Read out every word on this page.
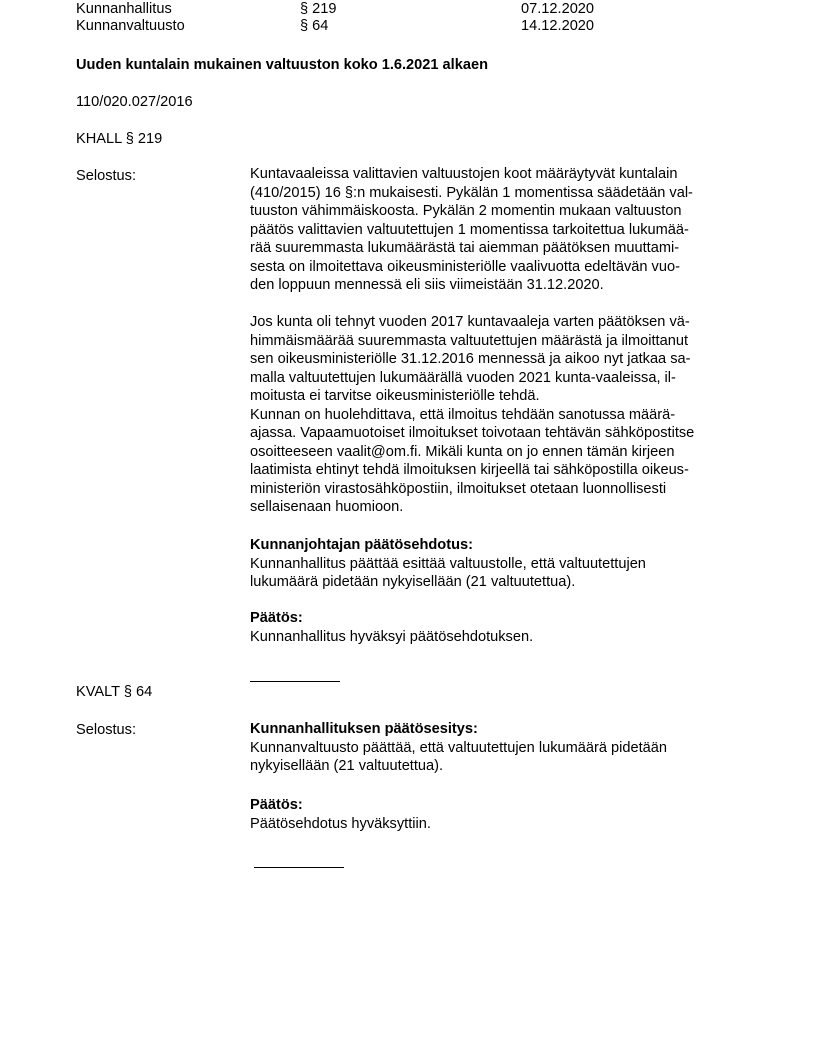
Kunnanhallitus	§ 219	07.12.2020
Kunnanvaltuusto	§ 64	14.12.2020
Uuden kuntalain mukainen valtuuston koko 1.6.2021 alkaen
110/020.027/2016
KHALL § 219
Selostus:	Kuntavaaleissa valittavien valtuustojen koot määräytyvät kuntalain
(410/2015) 16 §:n mukaisesti. Pykälän 1 momentissa säädetään val-
tuuston vähimmäiskoosta. Pykälän 2 momentin mukaan valtuuston
päätös valittavien valtuutettujen 1 momentissa tarkoitettua lukumää-
rää suuremmasta lukumäärästä tai aiemman päätöksen muuttami-
sesta on ilmoitettava oikeusministeriölle vaalivuotta edeltävän vuo-
den loppuun mennessä eli siis viimeistään 31.12.2020.
Jos kunta oli tehnyt vuoden 2017 kuntavaaleja varten päätöksen vä-
himmäismäärää suuremmasta valtuutettujen määrästä ja ilmoittanut
sen oikeusministeriölle 31.12.2016 mennessä ja aikoo nyt jatkaa sa-
malla valtuutettujen lukumäärällä vuoden 2021 kunta-vaaleissa, il-
moitusta ei tarvitse oikeusministeriölle tehdä.
Kunnan on huolehdittava, että ilmoitus tehdään sanotussa määrä-
ajassa. Vapaamuotoiset ilmoitukset toivotaan tehtävän sähköpostitse
osoitteeseen vaalit@om.fi. Mikäli kunta on jo ennen tämän kirjeen
laatimista ehtinyt tehdä ilmoituksen kirjeellä tai sähköpostilla oikeus-
ministeriön virastosähköpostiin, ilmoitukset otetaan luonnollisesti
sellaisenaan huomioon.
Kunnanjohtajan päätösehdotus:
Kunnanhallitus päättää esittää valtuustolle, että valtuutettujen
lukumäärä pidetään nykyisellään (21 valtuutettua).
Päätös:
Kunnanhallitus hyväksyi päätösehdotuksen.
KVALT § 64
Selostus:	Kunnanhallituksen päätösesitys:
Kunnanvaltuusto päättää, että valtuutettujen lukumäärä pidetään
nykyisellään (21 valtuutettua).
Päätös:
Päätösehdotus hyväksyttiin.
